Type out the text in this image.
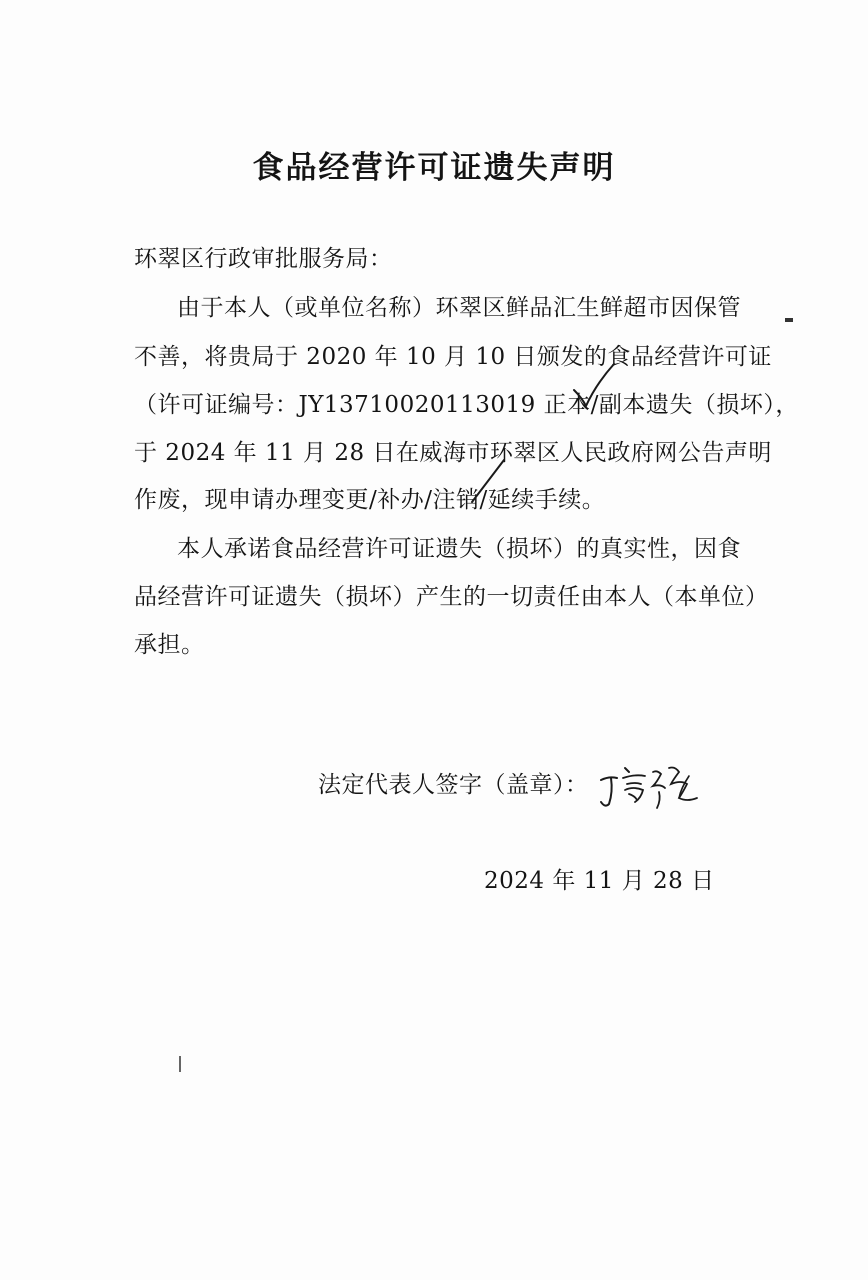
食品经营许可证遗失声明
环翠区行政审批服务局：
由于本人（或单位名称）环翠区鲜品汇生鲜超市因保管
不善，将贵局于 2020 年 10 月 10 日颁发的食品经营许可证
（许可证编号：JY13710020113019 正本/副本遗失（损坏），
于 2024 年 11 月 28 日在威海市环翠区人民政府网公告声明
作废，现申请办理变更/补办/注销/延续手续。
本人承诺食品经营许可证遗失（损坏）的真实性，因食
品经营许可证遗失（损坏）产生的一切责任由本人（本单位）
承担。
法定代表人签字（盖章）：
2024 年 11 月 28 日
